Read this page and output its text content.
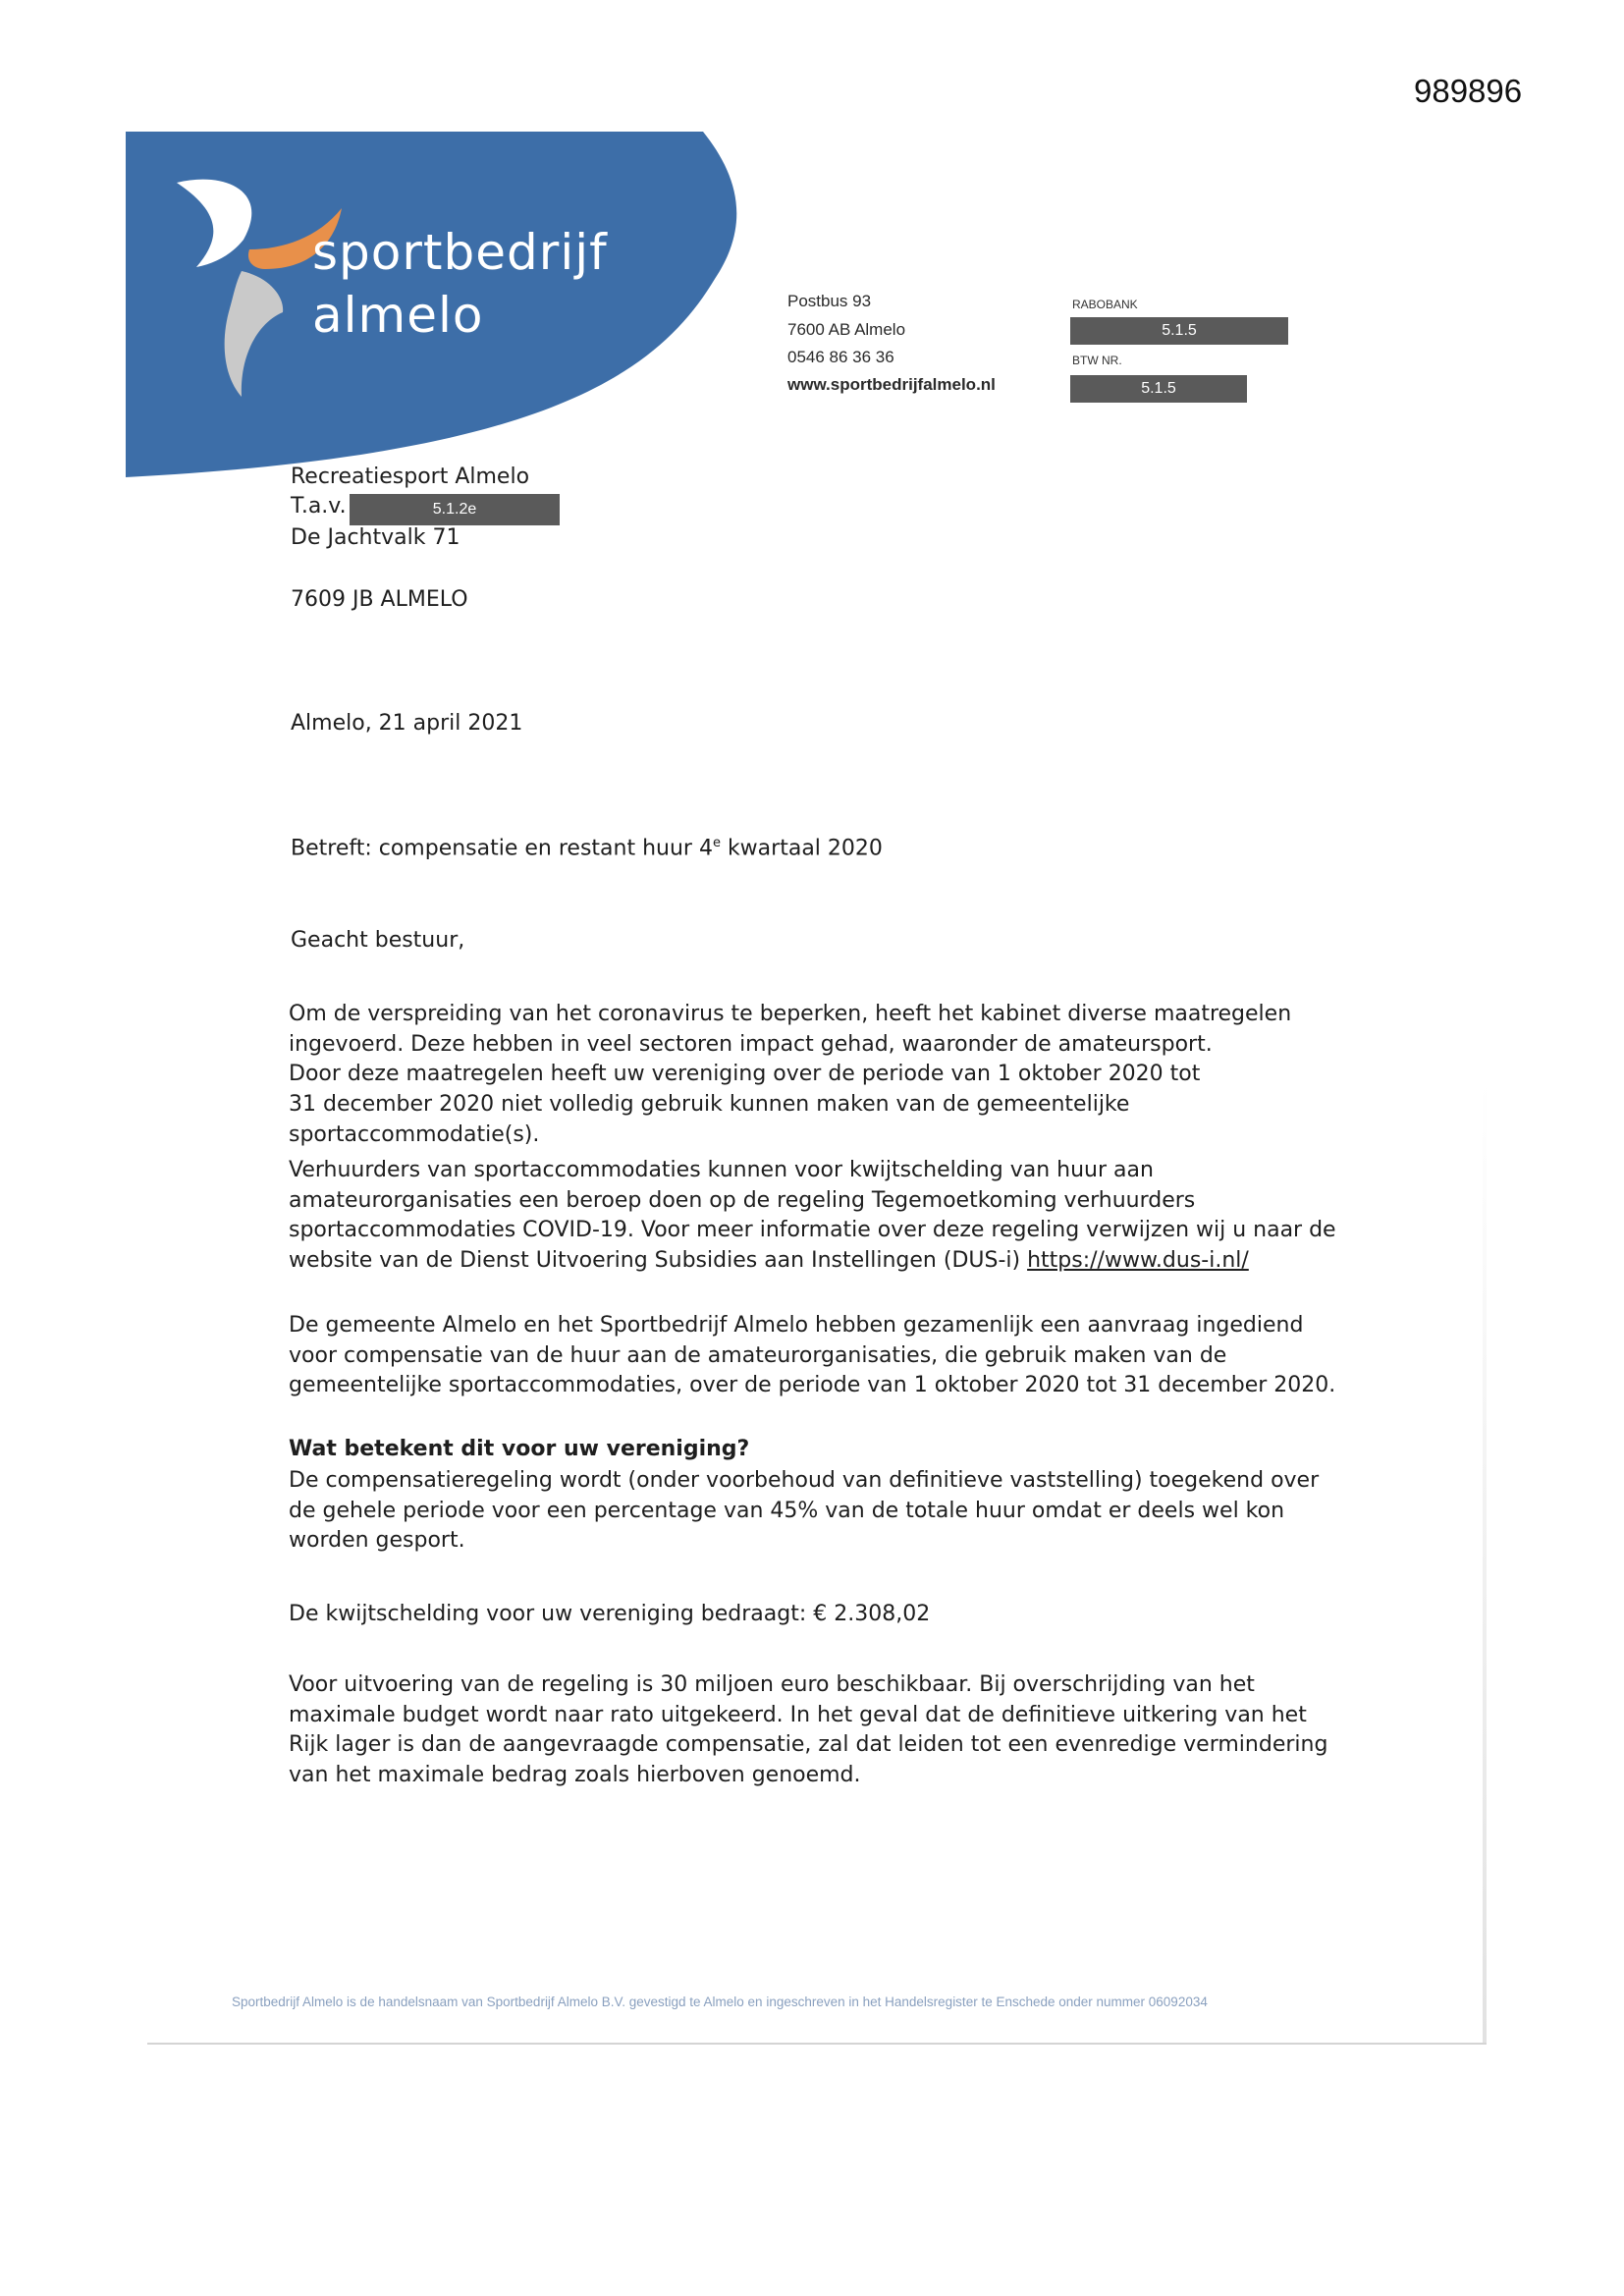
989896
sportbedrijf
almelo	Postbus 93
7600 AB Almelo
0546 86 36 36
www.sportbedrijfalmelo.nl
RABOBANK
5.1.5
BTW NR.
5.1.5
Recreatiesport Almelo
T.a.v.	5.1.2e
De Jachtvalk 71
7609 JB ALMELO
Almelo, 21 april 2021
Betreft: compensatie en restant huur 4e kwartaal 2020
Geacht bestuur,

Om de verspreiding van het coronavirus te beperken, heeft het kabinet diverse maatregelen ingevoerd. Deze hebben in veel sectoren impact gehad, waaronder de amateursport.

Door deze maatregelen heeft uw vereniging over de periode van 1 oktober 2020 tot
31 december 2020 niet volledig gebruik kunnen maken van de gemeentelijke sportaccommodatie(s).

Verhuurders van sportaccommodaties kunnen voor kwijtschelding van huur aan amateurorganisaties een beroep doen op de regeling Tegemoetkoming verhuurders sportaccommodaties COVID-19. Voor meer informatie over deze regeling verwijzen wij u naar de website van de Dienst Uitvoering Subsidies aan Instellingen (DUS-i) https://www.dus-i.nl/

De gemeente Almelo en het Sportbedrijf Almelo hebben gezamenlijk een aanvraag ingediend voor compensatie van de huur aan de amateurorganisaties, die gebruik maken van de gemeentelijke sportaccommodaties, over de periode van 1 oktober 2020 tot 31 december 2020.

Wat betekent dit voor uw vereniging?

De compensatieregeling wordt (onder voorbehoud van definitieve vaststelling) toegekend over de gehele periode voor een percentage van 45% van de totale huur omdat er deels wel kon worden gesport.

De kwijtschelding voor uw vereniging bedraagt: € 2.308,02

Voor uitvoering van de regeling is 30 miljoen euro beschikbaar. Bij overschrijding van het maximale budget wordt naar rato uitgekeerd. In het geval dat de definitieve uitkering van het Rijk lager is dan de aangevraagde compensatie, zal dat leiden tot een evenredige vermindering van het maximale bedrag zoals hierboven genoemd.

Sportbedrijf Almelo is de handelsnaam van Sportbedrijf Almelo B.V. gevestigd te Almelo en ingeschreven in het Handelsregister te Enschede onder nummer 06092034
